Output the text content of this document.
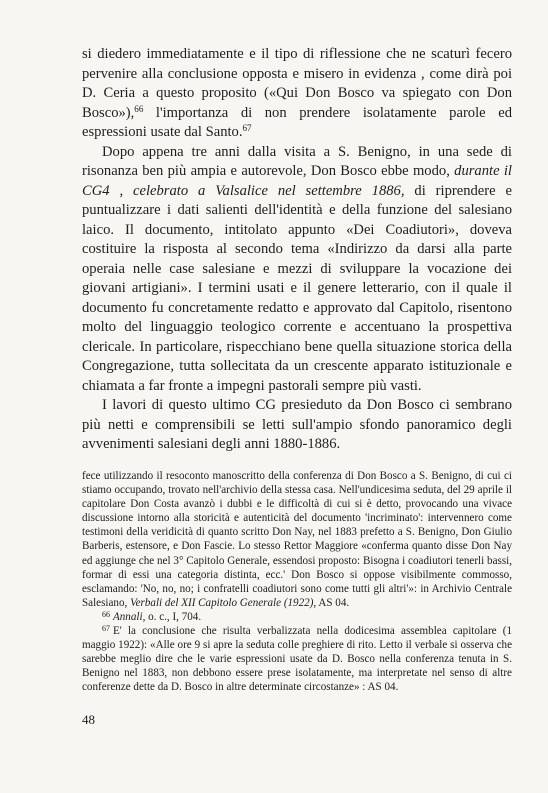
si diedero immediatamente e il tipo di riflessione che ne scaturì fecero pervenire alla conclusione opposta e misero in evidenza , come dirà poi D. Ceria a questo proposito («Qui Don Bosco va spiegato con Don Bosco»),$^{66}$ l'importanza di non prendere isolatamente parole ed espressioni usate dal Santo.$^{67}$

Dopo appena tre anni dalla visita a S. Benigno, in una sede di risonanza ben più ampia e autorevole, Don Bosco ebbe modo, durante il CG4 , celebrato a Valsalice nel settembre 1886, di riprendere e puntualizzare i dati salienti dell'identità e della funzione del salesiano laico. Il documento, intitolato appunto «Dei Coadiutori», doveva costituire la risposta al secondo tema «Indirizzo da darsi alla parte operaia nelle case salesiane e mezzi di sviluppare la vocazione dei giovani artigiani». I termini usati e il genere letterario, con il quale il documento fu concretamente redatto e approvato dal Capitolo, risentono molto del linguaggio teologico corrente e accentuano la prospettiva clericale. In particolare, rispecchiano bene quella situazione storica della Congregazione, tutta sollecitata da un crescente apparato istituzionale e chiamata a far fronte a impegni pastorali sempre più vasti.

I lavori di questo ultimo CG presieduto da Don Bosco ci sembrano più netti e comprensibili se letti sull'ampio sfondo panoramico degli avvenimenti salesiani degli anni 1880-1886.

fece utilizzando il resoconto manoscritto della conferenza di Don Bosco a S. Benigno, di cui ci stiamo occupando, trovato nell'archivio della stessa casa. Nell'undicesima seduta, del 29 aprile il capitolare Don Costa avanzò i dubbi e le difficoltà di cui si è detto, provocando una vivace discussione intorno alla storicità e autenticità del documento 'incriminato': intervennero come testimoni della veridicità di quanto scritto Don Nay, nel 1883 prefetto a S. Benigno, Don Giulio Barberis, estensore, e Don Fascie. Lo stesso Rettor Maggiore «conferma quanto disse Don Nay ed aggiunge che nel 3° Capitolo Generale, essendosi proposto: Bisogna i coadiutori tenerli bassi, formar di essi una categoria distinta, ecc.' Don Bosco si oppose visibilmente commosso, esclamando: 'No, no, no; i confratelli coadiutori sono come tutti gli altri'»: in Archivio Centrale Salesiano, Verbali del XII Capitolo Generale (1922), AS 04.

$^{66}$ Annali, o. c., I, 704.

$^{67}$ E' la conclusione che risulta verbalizzata nella dodicesima assemblea capitolare (1 maggio 1922): «Alle ore 9 si apre la seduta colle preghiere di rito. Letto il verbale si osserva che sarebbe meglio dire che le varie espressioni usate da D. Bosco nella conferenza tenuta in S. Benigno nel 1883, non debbono essere prese isolatamente, ma interpretate nel senso di altre conferenze dette da D. Bosco in altre determinate circostanze» : AS 04.

48
